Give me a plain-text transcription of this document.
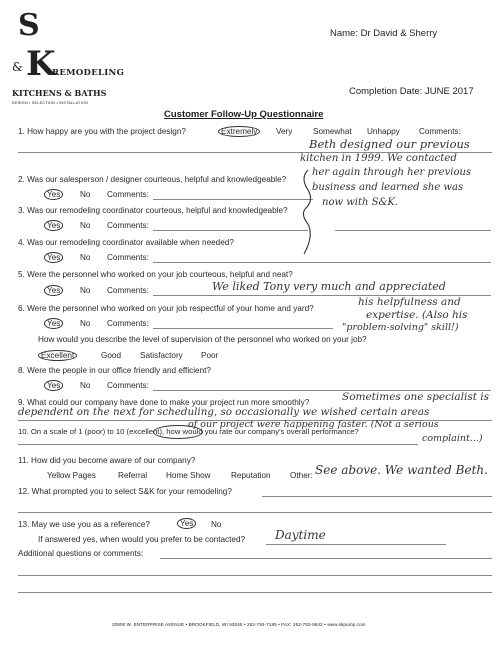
S
& K
REMODELING
KITCHENS & BATHS
DESIGN • SELECTION • INSTALLATION
Name: Dr David & Sherry
Completion Date: JUNE 2017
Customer Follow-Up Questionnaire
1. How happy are you with the project design?	Extremely	Very	Somewhat Unhappy Comments:
Beth designed our previous
kitchen in 1999. We contacted
her again through her previous
business and learned she was
now with S&K.
2. Was our salesperson / designer courteous, helpful and knowledgeable?
Yes	No Comments:
3. Was our remodeling coordinator courteous, helpful and knowledgeable?
Yes	No Comments:
4. Was our remodeling coordinator available when needed?
Yes	No Comments:
5. Were the personnel who worked on your job courteous, helpful and neat?
Yes	No Comments:	We liked Tony very much and appreciated
6. Were the personnel who worked on your job respectful of your home and yard?
his helpfulness and
Yes	No Comments:
expertise. (Also his
"problem-solving" skill!)
How would you describe the level of supervision of the personnel who worked on your job?
Excellent	Good Satisfactory Poor
8. Were the people in our office friendly and efficient?
Yes	No Comments:
9. What could our company have done to make your project run more smoothly?	Sometimes one specialist is
dependent on the next for scheduling, so occasionally we wished certain areas
of our project were happening faster. (Not a serious
complaint...)
10. On a scale of 1 (poor) to 10 (excellent), how would you rate our company's overall performance?
11. How did you become aware of our company?
Yellow Pages	Referral Home Show Reputation Other: See above. We wanted Beth.
12. What prompted you to select S&K for your remodeling?
13. May we use you as a reference?	Yes	No
If answered yes, when would you prefer to be contacted? Daytime
Additional questions or comments:
20800 W. ENTERPRISE AVENUE • BROOKFIELD, WI 53045 • 262-792-7185 • FAX: 262-782-9642 • www.skpump.com
